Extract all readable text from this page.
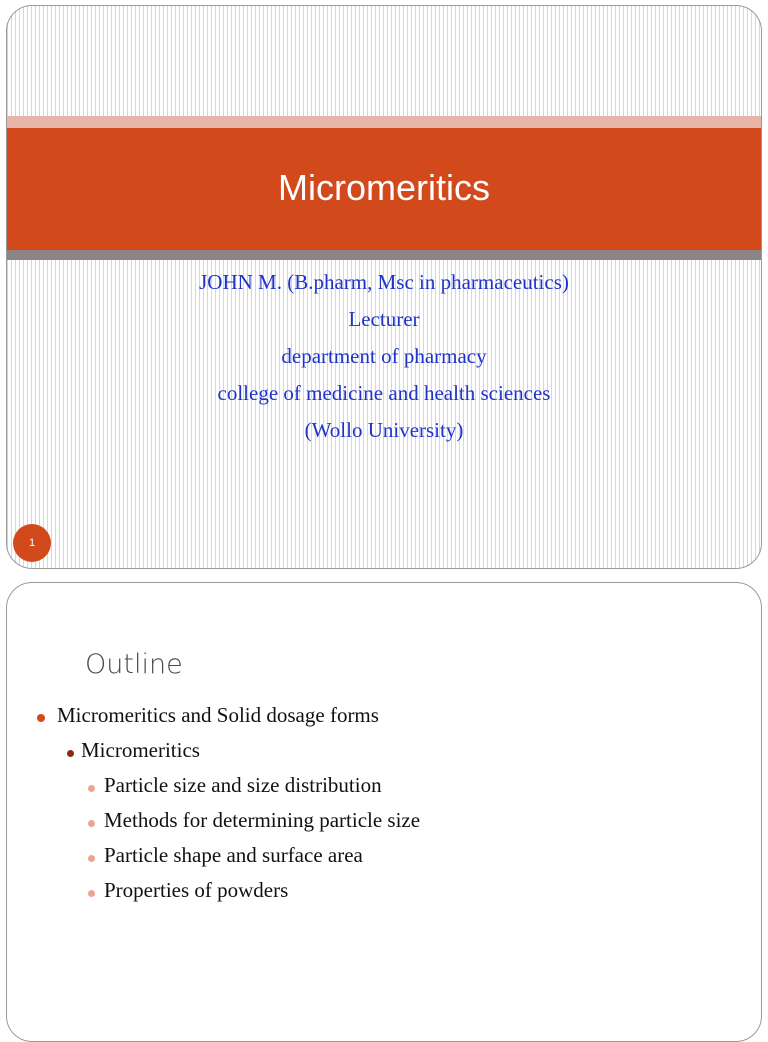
Micromeritics
JOHN M. (B.pharm, Msc in pharmaceutics)
Lecturer
department of pharmacy
college of medicine and health sciences
(Wollo University)
1
Outline
Micromeritics and Solid dosage forms
Micromeritics
Particle size and size distribution
Methods for determining particle size
Particle shape and surface area
Properties of powders
